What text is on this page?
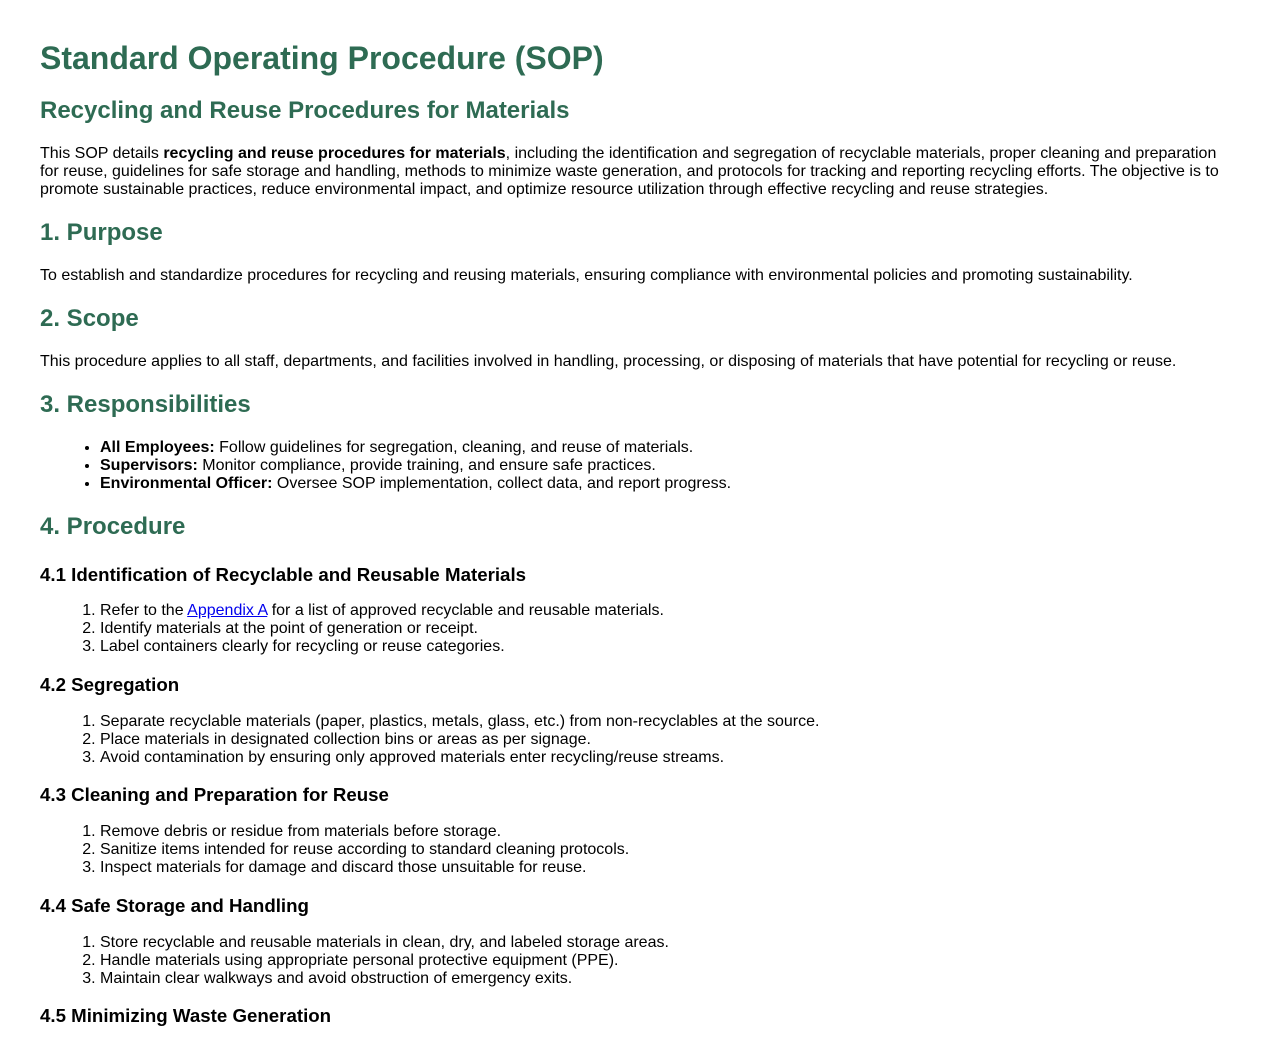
Standard Operating Procedure (SOP)
Recycling and Reuse Procedures for Materials

This SOP details recycling and reuse procedures for materials, including the identification and segregation of recyclable materials, proper cleaning and preparation for reuse, guidelines for safe storage and handling, methods to minimize waste generation, and protocols for tracking and reporting recycling efforts. The objective is to promote sustainable practices, reduce environmental impact, and optimize resource utilization through effective recycling and reuse strategies.

1. Purpose

To establish and standardize procedures for recycling and reusing materials, ensuring compliance with environmental policies and promoting sustainability.

2. Scope

This procedure applies to all staff, departments, and facilities involved in handling, processing, or disposing of materials that have potential for recycling or reuse.

3. Responsibilities
• All Employees: Follow guidelines for segregation, cleaning, and reuse of materials.
• Supervisors: Monitor compliance, provide training, and ensure safe practices.
• Environmental Officer: Oversee SOP implementation, collect data, and report progress.
4. Procedure
4.1 Identification of Recyclable and Reusable Materials
1. Refer to the Appendix A for a list of approved recyclable and reusable materials.
2. Identify materials at the point of generation or receipt.
3. Label containers clearly for recycling or reuse categories.
4.2 Segregation
1. Separate recyclable materials (paper, plastics, metals, glass, etc.) from non-recyclables at the source.
2. Place materials in designated collection bins or areas as per signage.
3. Avoid contamination by ensuring only approved materials enter recycling/reuse streams.
4.3 Cleaning and Preparation for Reuse
1. Remove debris or residue from materials before storage.
2. Sanitize items intended for reuse according to standard cleaning protocols.
3. Inspect materials for damage and discard those unsuitable for reuse.
4.4 Safe Storage and Handling
1. Store recyclable and reusable materials in clean, dry, and labeled storage areas.
2. Handle materials using appropriate personal protective equipment (PPE).
3. Maintain clear walkways and avoid obstruction of emergency exits.
4.5 Minimizing Waste Generation
